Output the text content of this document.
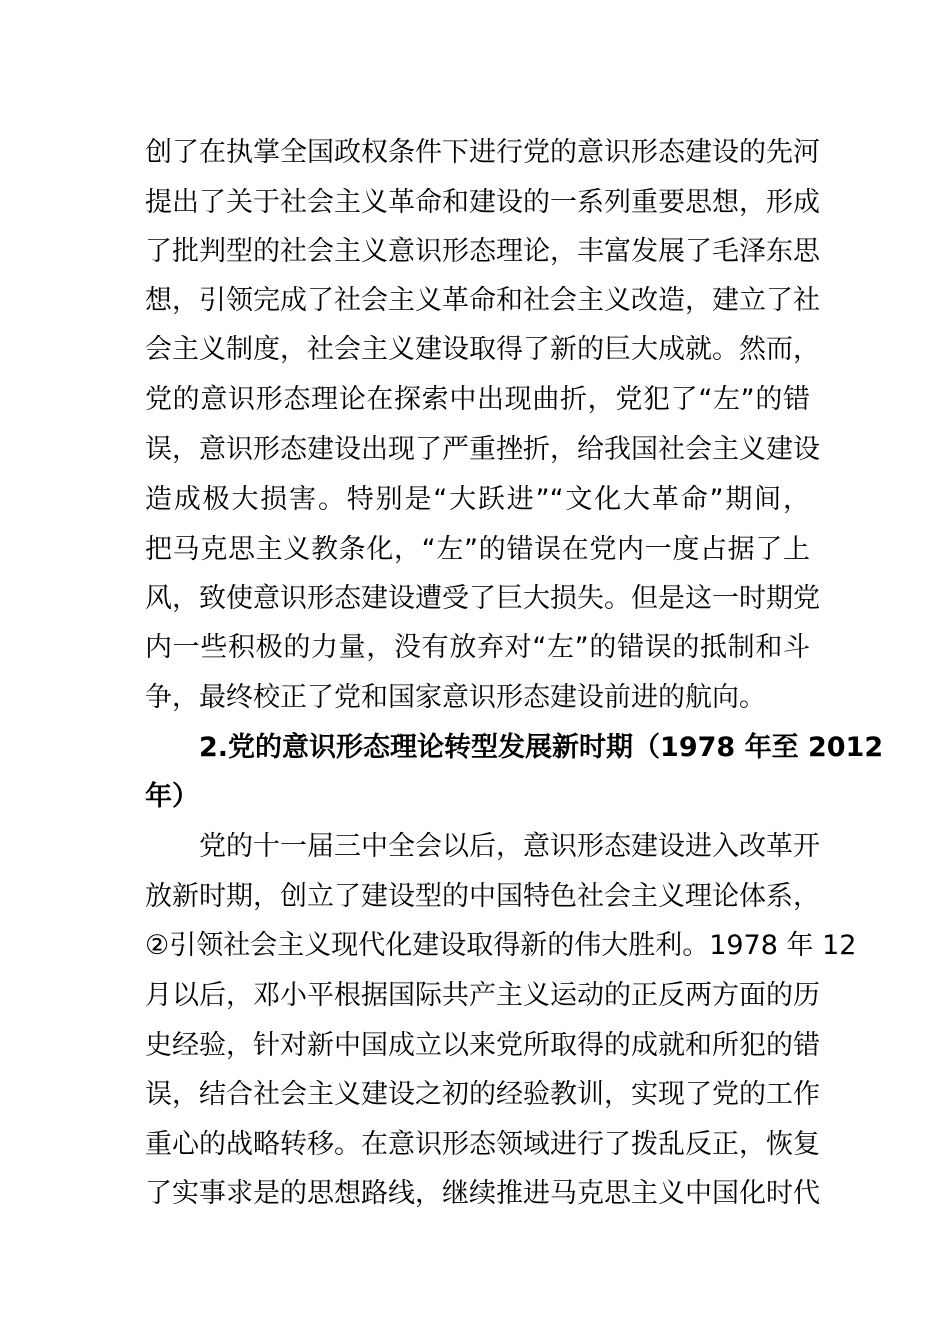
创了在执掌全国政权条件下进行党的意识形态建设的先河
提出了关于社会主义革命和建设的一系列重要思想，形成
了批判型的社会主义意识形态理论，丰富发展了毛泽东思
想，引领完成了社会主义革命和社会主义改造，建立了社
会主义制度，社会主义建设取得了新的巨大成就。然而，
党的意识形态理论在探索中出现曲折，党犯了“左”的错
误，意识形态建设出现了严重挫折，给我国社会主义建设
造成极大损害。特别是“大跃进”“文化大革命”期间，
把马克思主义教条化，“左”的错误在党内一度占据了上
风，致使意识形态建设遭受了巨大损失。但是这一时期党
内一些积极的力量，没有放弃对“左”的错误的抵制和斗
争，最终校正了党和国家意识形态建设前进的航向。
2.党的意识形态理论转型发展新时期（1978 年至 2012
年）
党的十一届三中全会以后，意识形态建设进入改革开
放新时期，创立了建设型的中国特色社会主义理论体系，
②引领社会主义现代化建设取得新的伟大胜利。1978 年 12
月以后，邓小平根据国际共产主义运动的正反两方面的历
史经验，针对新中国成立以来党所取得的成就和所犯的错
误，结合社会主义建设之初的经验教训，实现了党的工作
重心的战略转移。在意识形态领域进行了拨乱反正，恢复
了实事求是的思想路线，继续推进马克思主义中国化时代
